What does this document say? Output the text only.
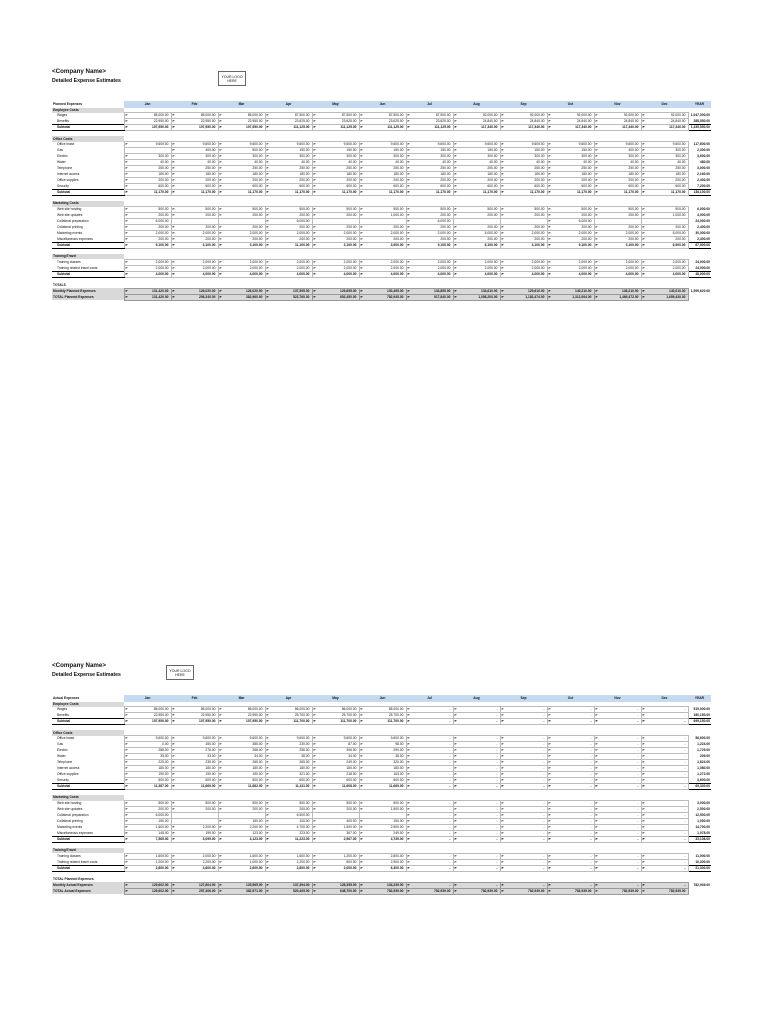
<Company Name>
Detailed Expense Estimates
YOUR LOGO HERE
Planned Expenses	Jan	Feb	Mar	Apr	May	Jun	Jul	Aug	Sep	Oct	Nov	Dec	YEAR
Employee Costs													
Wages	₱ 85,000.00	₱ 85,000.00	₱ 85,000.00	₱ 87,500.00	₱ 87,500.00	₱ 87,500.00	₱ 87,500.00	₱ 92,000.00	₱ 92,000.00	₱ 92,000.00	₱ 92,000.00	₱ 92,000.00	1,047,000.00
Benefits	₱ 22,950.00	₱ 22,950.00	₱ 22,950.00	₱ 23,625.00	₱ 23,625.00	₱ 23,625.00	₱ 23,625.00	₱ 24,840.00	₱ 24,840.00	₱ 24,840.00	₱ 24,840.00	₱ 24,840.00	288,550.00
Subtotal	₱ 107,950.00	₱ 107,950.00	₱ 107,950.00	₱ 111,125.00	₱ 111,125.00	₱ 111,125.00	₱ 111,125.00	₱ 117,340.00	₱ 117,340.00	₱ 117,340.00	₱ 117,340.00	₱ 117,340.00	1,335,550.00

Office Costs													
Office lease	₱ 9,600.00	₱ 9,600.00	₱ 9,600.00	₱ 9,600.00	₱ 9,600.00	₱ 9,600.00	₱ 9,600.00	₱ 9,600.00	₱ 9,600.00	₱ 9,600.00	₱ 9,600.00	₱ 9,600.00	117,600.00
Gas		₱ 400.00	₱ 500.00	₱ 150.00	₱ 150.00	₱ 150.00	₱ 150.00	₱ 150.00	₱ 150.00	₱ 150.00	₱ 400.00	₱ 300.00	2,300.00
Electric	₱ 300.00	₱ 300.00	₱ 300.00	₱ 300.00	₱ 300.00	₱ 300.00	₱ 300.00	₱ 300.00	₱ 300.00	₱ 300.00	₱ 300.00	₱ 300.00	3,600.00
Water	₱ 40.00	₱ 40.00	₱ 40.00	₱ 40.00	₱ 40.00	₱ 40.00	₱ 40.00	₱ 40.00	₱ 40.00	₱ 40.00	₱ 40.00	₱ 40.00	480.00
Telephone	₱ 250.00	₱ 250.00	₱ 250.00	₱ 250.00	₱ 250.00	₱ 250.00	₱ 250.00	₱ 250.00	₱ 250.00	₱ 250.00	₱ 250.00	₱ 250.00	3,000.00
Internet access	₱ 180.00	₱ 180.00	₱ 180.00	₱ 180.00	₱ 180.00	₱ 180.00	₱ 180.00	₱ 180.00	₱ 180.00	₱ 180.00	₱ 180.00	₱ 180.00	2,160.00
Office supplies	₱ 200.00	₱ 200.00	₱ 200.00	₱ 200.00	₱ 200.00	₱ 200.00	₱ 200.00	₱ 200.00	₱ 200.00	₱ 200.00	₱ 200.00	₱ 200.00	2,400.00
Security	₱ 600.00	₱ 600.00	₱ 600.00	₱ 600.00	₱ 600.00	₱ 600.00	₱ 600.00	₱ 600.00	₱ 600.00	₱ 600.00	₱ 600.00	₱ 600.00	7,200.00
Subtotal	₱ 11,170.00	₱ 11,170.00	₱ 11,170.00	₱ 11,170.00	₱ 11,170.00	₱ 11,170.00	₱ 11,170.00	₱ 11,170.00	₱ 11,170.00	₱ 11,170.00	₱ 11,170.00	₱ 11,170.00	138,100.00

Marketing Costs													
Web site hosting	₱ 500.00	₱ 500.00	₱ 500.00	₱ 500.00	₱ 500.00	₱ 500.00	₱ 500.00	₱ 500.00	₱ 500.00	₱ 500.00	₱ 500.00	₱ 500.00	6,000.00
Web site updates	₱ 200.00	₱ 200.00	₱ 200.00	₱ 200.00	₱ 200.00	₱ 1,000.00	₱ 200.00	₱ 200.00	₱ 200.00	₱ 200.00	₱ 200.00	₱ 1,000.00	4,000.00
Collateral preparation	₱ 6,000.00			₱ 6,000.00			₱ 6,000.00			₱ 6,000.00			24,000.00
Collateral printing	₱ 200.00	₱ 200.00	₱ 200.00	₱ 200.00	₱ 200.00	₱ 200.00	₱ 200.00	₱ 200.00	₱ 200.00	₱ 200.00	₱ 200.00	₱ 200.00	2,400.00
Marketing events	₱ 2,000.00	₱ 2,000.00	₱ 2,000.00	₱ 2,000.00	₱ 2,000.00	₱ 2,000.00	₱ 2,000.00	₱ 5,000.00	₱ 2,000.00	₱ 2,000.00	₱ 2,000.00	₱ 5,000.00	30,000.00
Miscellaneous expenses	₱ 200.00	₱ 200.00	₱ 200.00	₱ 200.00	₱ 200.00	₱ 200.00	₱ 200.00	₱ 200.00	₱ 200.00	₱ 200.00	₱ 200.00	₱ 200.00	2,400.00
Subtotal	₱ 9,100.00	₱ 3,100.00	₱ 3,100.00	₱ 11,100.00	₱ 3,100.00	₱ 3,900.00	₱ 9,100.00	₱ 6,100.00	₱ 3,100.00	₱ 9,100.00	₱ 3,100.00	₱ 6,900.00	67,900.00

Training/Travel													
Training classes	₱ 2,000.00	₱ 2,000.00	₱ 2,000.00	₱ 2,000.00	₱ 2,000.00	₱ 2,000.00	₱ 2,000.00	₱ 2,000.00	₱ 2,000.00	₱ 2,000.00	₱ 2,000.00	₱ 2,000.00	24,000.00
Training related travel costs	₱ 2,000.00	₱ 2,000.00	₱ 2,000.00	₱ 2,000.00	₱ 2,000.00	₱ 2,000.00	₱ 2,000.00	₱ 2,000.00	₱ 2,000.00	₱ 2,000.00	₱ 2,000.00	₱ 2,000.00	24,000.00
Subtotal	₱ 4,000.00	₱ 4,000.00	₱ 4,000.00	₱ 4,000.00	₱ 4,000.00	₱ 4,000.00	₱ 4,000.00	₱ 4,000.00	₱ 4,000.00	₱ 4,000.00	₱ 4,000.00	₱ 4,000.00	48,000.00

TOTALS													
Monthly Planned Expenses	₱ 131,420.00	₱ 126,020.00	₱ 126,020.00	₱ 137,595.00	₱ 129,695.00	₱ 130,495.00	₱ 134,895.00	₱ 134,610.00	₱ 129,610.00	₱ 140,210.00	₱ 136,210.00	₱ 140,010.00	1,599,620.00
TOTAL Planned Expenses	₱ 131,420.00	₱ 256,240.00	₱ 382,960.00	₱ 522,760.00	₱ 652,450.00	₱ 782,945.00	₱ 917,840.00	₱ 1,056,200.00	₱ 1,182,474.00	₱ 1,312,064.00	₱ 1,469,472.00	₱ 1,659,430.00	
<Company Name>
Detailed Expense Estimates
YOUR LOGO HERE
Actual Expenses	Jan	Feb	Mar	Apr	May	Jun	Jul	Aug	Sep	Oct	Nov	Dec	YEAR
Employee Costs													
Wages	₱ 85,000.00	₱ 85,000.00	₱ 85,000.00	₱ 86,000.00	₱ 86,000.00	₱ 86,000.00	₱ -	₱ -	₱ -	₱ -	₱ -	₱ -	519,000.00
Benefits	₱ 22,950.00	₱ 22,950.00	₱ 22,950.00	₱ 25,700.00	₱ 25,700.00	₱ 25,700.00	₱ -	₱ -	₱ -	₱ -	₱ -	₱ -	180,150.00
Subtotal	₱ 107,950.00	₱ 107,950.00	₱ 107,950.00	₱ 111,700.00	₱ 111,700.00	₱ 111,700.00	₱ -	₱ -	₱ -	₱ -	₱ -	₱ -	699,150.00

Office Costs													
Office lease	₱ 9,600.00	₱ 9,600.00	₱ 9,600.00	₱ 9,600.00	₱ 9,600.00	₱ 9,600.00	₱ -	₱ -	₱ -	₱ -	₱ -	₱ -	56,600.00
Gas	₱ 0.00	₱ 450.00	₱ 385.00	₱ 230.00	₱ 87.00	₱ 98.00	₱ -	₱ -	₱ -	₱ -	₱ -	₱ -	1,224.00
Electric	₱ 288.00	₱ 276.00	₱ 268.00	₱ 256.00	₱ 306.00	₱ 290.00	₱ -	₱ -	₱ -	₱ -	₱ -	₱ -	1,729.00
Water	₱ 35.00	₱ 33.00	₱ 34.00	₱ 38.00	₱ 34.00	₱ 38.00	₱ -	₱ -	₱ -	₱ -	₱ -	₱ -	209.00
Telephone	₱ 225.00	₱ 235.00	₱ 265.00	₱ 265.00	₱ 249.00	₱ 320.00	₱ -	₱ -	₱ -	₱ -	₱ -	₱ -	1,624.00
Internet access	₱ 180.00	₱ 180.00	₱ 180.00	₱ 180.00	₱ 180.00	₱ 180.00	₱ -	₱ -	₱ -	₱ -	₱ -	₱ -	1,080.00
Office supplies	₱ 190.00	₱ 190.00	₱ 190.00	₱ 321.00	₱ 218.00	₱ 163.00	₱ -	₱ -	₱ -	₱ -	₱ -	₱ -	1,272.00
Security	₱ 600.00	₱ 600.00	₱ 600.00	₱ 600.00	₱ 600.00	₱ 600.00	₱ -	₱ -	₱ -	₱ -	₱ -	₱ -	3,600.00
Subtotal	₱ 11,387.00	₱ 11,669.00	₱ 11,682.00	₱ 11,411.00	₱ 11,608.00	₱ 11,669.00	₱ -	₱ -	₱ -	₱ -	₱ -	₱ -	69,330.00

Marketing Costs													
Web site hosting	₱ 500.00	₱ 500.00	₱ 500.00	₱ 500.00	₱ 500.00	₱ 500.00	₱ -	₱ -	₱ -	₱ -	₱ -	₱ -	3,000.00
Web site updates	₱ 200.00	₱ 200.00	₱ 200.00	₱ 200.00	₱ 200.00	₱ 1,500.00	₱ -	₱ -	₱ -	₱ -	₱ -	₱ -	2,500.00
Collateral preparation	₱ 6,000.00			₱ 6,500.00			₱ -	₱ -	₱ -	₱ -	₱ -	₱ -	12,500.00
Collateral printing	₱ 150.00		₱ 150.00	₱ 100.00	₱ 400.00	₱ 190.00	₱ -	₱ -	₱ -	₱ -	₱ -	₱ -	1,000.00
Marketing events	₱ 1,600.00	₱ 2,200.00	₱ 2,200.00	₱ 4,700.00	₱ 1,500.00	₱ 2,500.00	₱ -	₱ -	₱ -	₱ -	₱ -	₱ -	14,700.00
Miscellaneous expenses	₱ 145.00	₱ 199.00	₱ 123.00	₱ 223.00	₱ 367.00	₱ 249.00	₱ -	₱ -	₱ -	₱ -	₱ -	₱ -	1,078.00
Subtotal	₱ 7,565.00	₱ 3,099.00	₱ 3,123.00	₱ 11,223.00	₱ 2,967.00	₱ 4,739.00	₱ -	₱ -	₱ -	₱ -	₱ -	₱ -	33,108.00

Training/Travel													
Training classes	₱ 1,600.00	₱ 2,000.00	₱ 1,600.00	₱ 1,600.00	₱ 1,200.00	₱ 2,800.00	₱ -	₱ -	₱ -	₱ -	₱ -	₱ -	11,000.00
Training related travel costs	₱ 1,200.00	₱ 2,200.00	₱ 1,000.00	₱ 1,200.00	₱ 800.00	₱ 2,900.00	₱ -	₱ -	₱ -	₱ -	₱ -	₱ -	10,300.00
Subtotal	₱ 2,800.00	₱ 4,600.00	₱ 2,600.00	₱ 2,800.00	₱ 2,000.00	₱ 6,300.00	₱ -	₱ -	₱ -	₱ -	₱ -	₱ -	21,300.00

TOTAL Planned Expenses													
Monthly Actual Expenses	₱ 129,602.00	₱ 127,804.00	₱ 125,565.00	₱ 137,394.00	₱ 128,355.00	₱ 134,239.00	₱ -	₱ -	₱ -	₱ -	₱ -	₱ -	782,939.00
TOTAL Actual Expenses	₱ 129,602.00	₱ 257,406.00	₱ 382,971.00	₱ 520,405.00	₱ 648,700.00	₱ 782,939.00	₱ 782,939.00	₱ 782,939.00	₱ 782,939.00	₱ 782,939.00	₱ 782,939.00	₱ 782,939.00	
